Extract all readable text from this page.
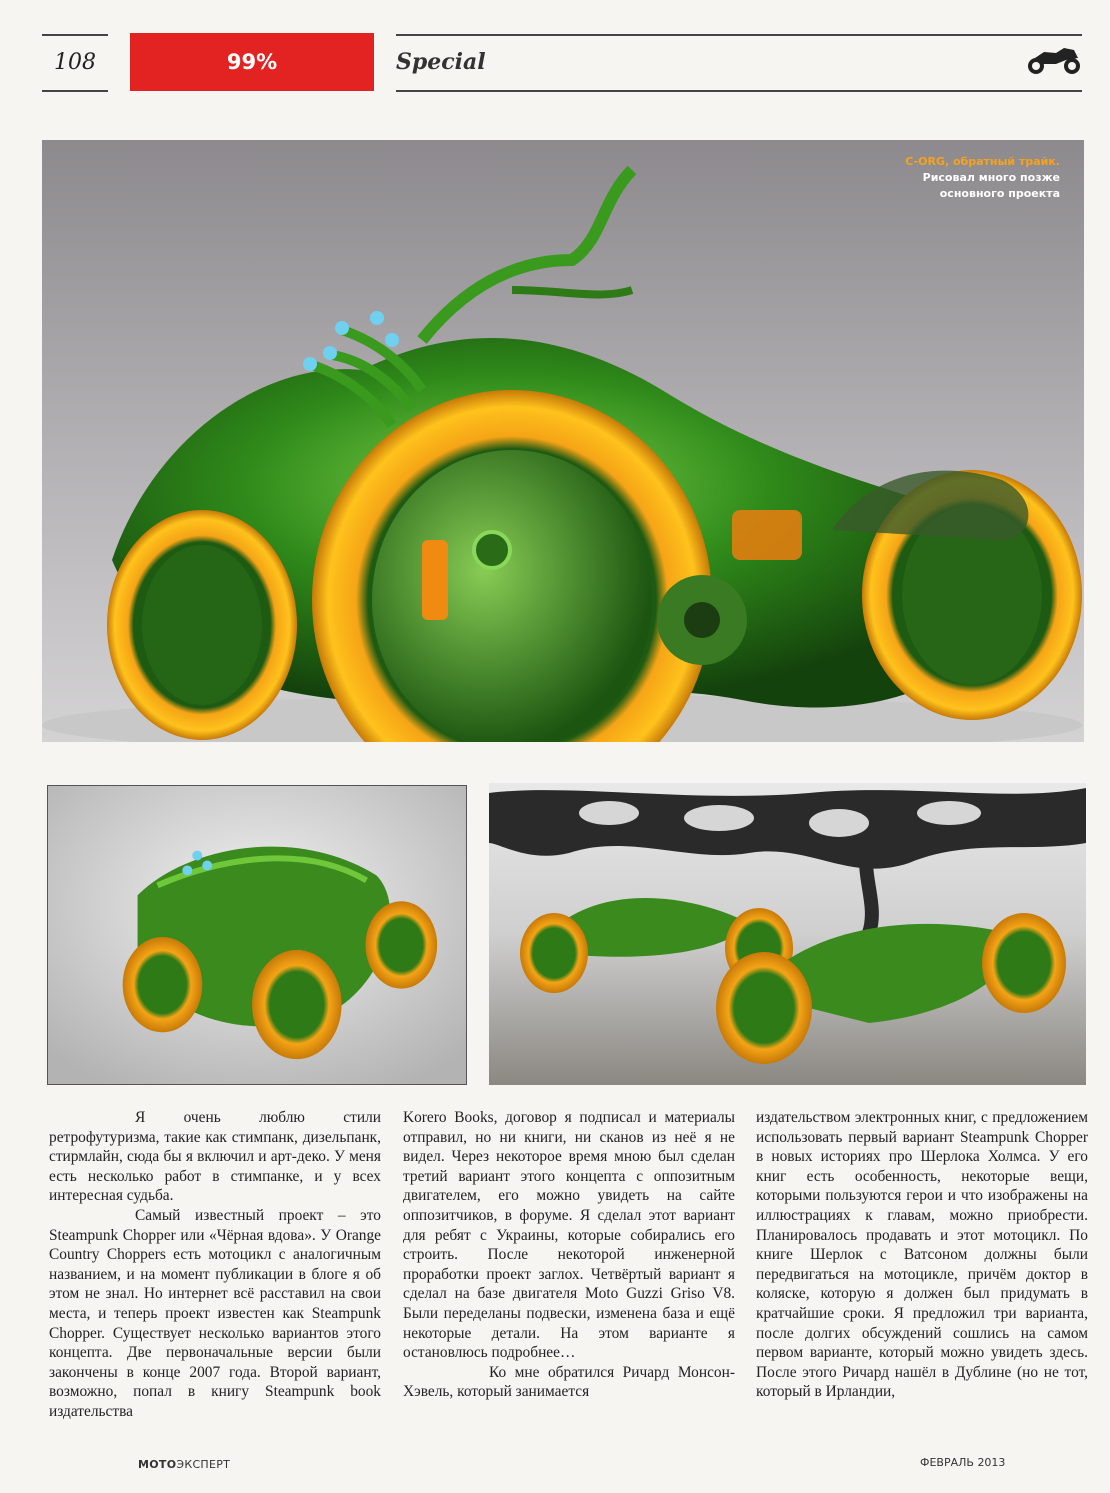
108	99%	Special
C-ORG, обратный трайк.
Рисовал много позже
основного проекта

Я очень люблю стили ретрофутуризма, такие как стимпанк, дизельпанк, стирмлайн, сюда бы я включил и арт-деко. У меня есть несколько работ в стимпанке, и у всех интересная судьба.

Самый известный проект – это Steampunk Chopper или «Чёрная вдова». У Orange Country Choppers есть мотоцикл с аналогичным названием, и на момент публикации в блоге я об этом не знал. Но интернет всё расставил на свои места, и теперь проект известен как Steampunk Chopper. Существует несколько вариантов этого концепта. Две первоначальные версии были закончены в конце 2007 года. Второй вариант, возможно, попал в книгу Steampunk book издательства

Korero Books, договор я подписал и материалы отправил, но ни книги, ни сканов из неё я не видел. Через некоторое время мною был сделан третий вариант этого концепта с оппозитным двигателем, его можно увидеть на сайте оппозитчиков, в форуме. Я сделал этот вариант для ребят с Украины, которые собирались его строить. После некоторой инженерной проработки проект заглох. Четвёртый вариант я сделал на базе двигателя Moto Guzzi Griso V8. Были переделаны подвески, изменена база и ещё некоторые детали. На этом варианте я остановлюсь подробнее…

Ко мне обратился Ричард Монсон-Хэвель, который занимается

издательством электронных книг, с предложением использовать первый вариант Steampunk Chopper в новых историях про Шерлока Холмса. У его книг есть особенность, некоторые вещи, которыми пользуются герои и что изображены на иллюстрациях к главам, можно приобрести. Планировалось продавать и этот мотоцикл. По книге Шерлок с Ватсоном должны были передвигаться на мотоцикле, причём доктор в коляске, которую я должен был придумать в кратчайшие сроки. Я предложил три варианта, после долгих обсуждений сошлись на самом первом варианте, который можно увидеть здесь. После этого Ричард нашёл в Дублине (но не тот, который в Ирландии,

МОТОЭКСПЕРТ	ФЕВРАЛЬ 2013
